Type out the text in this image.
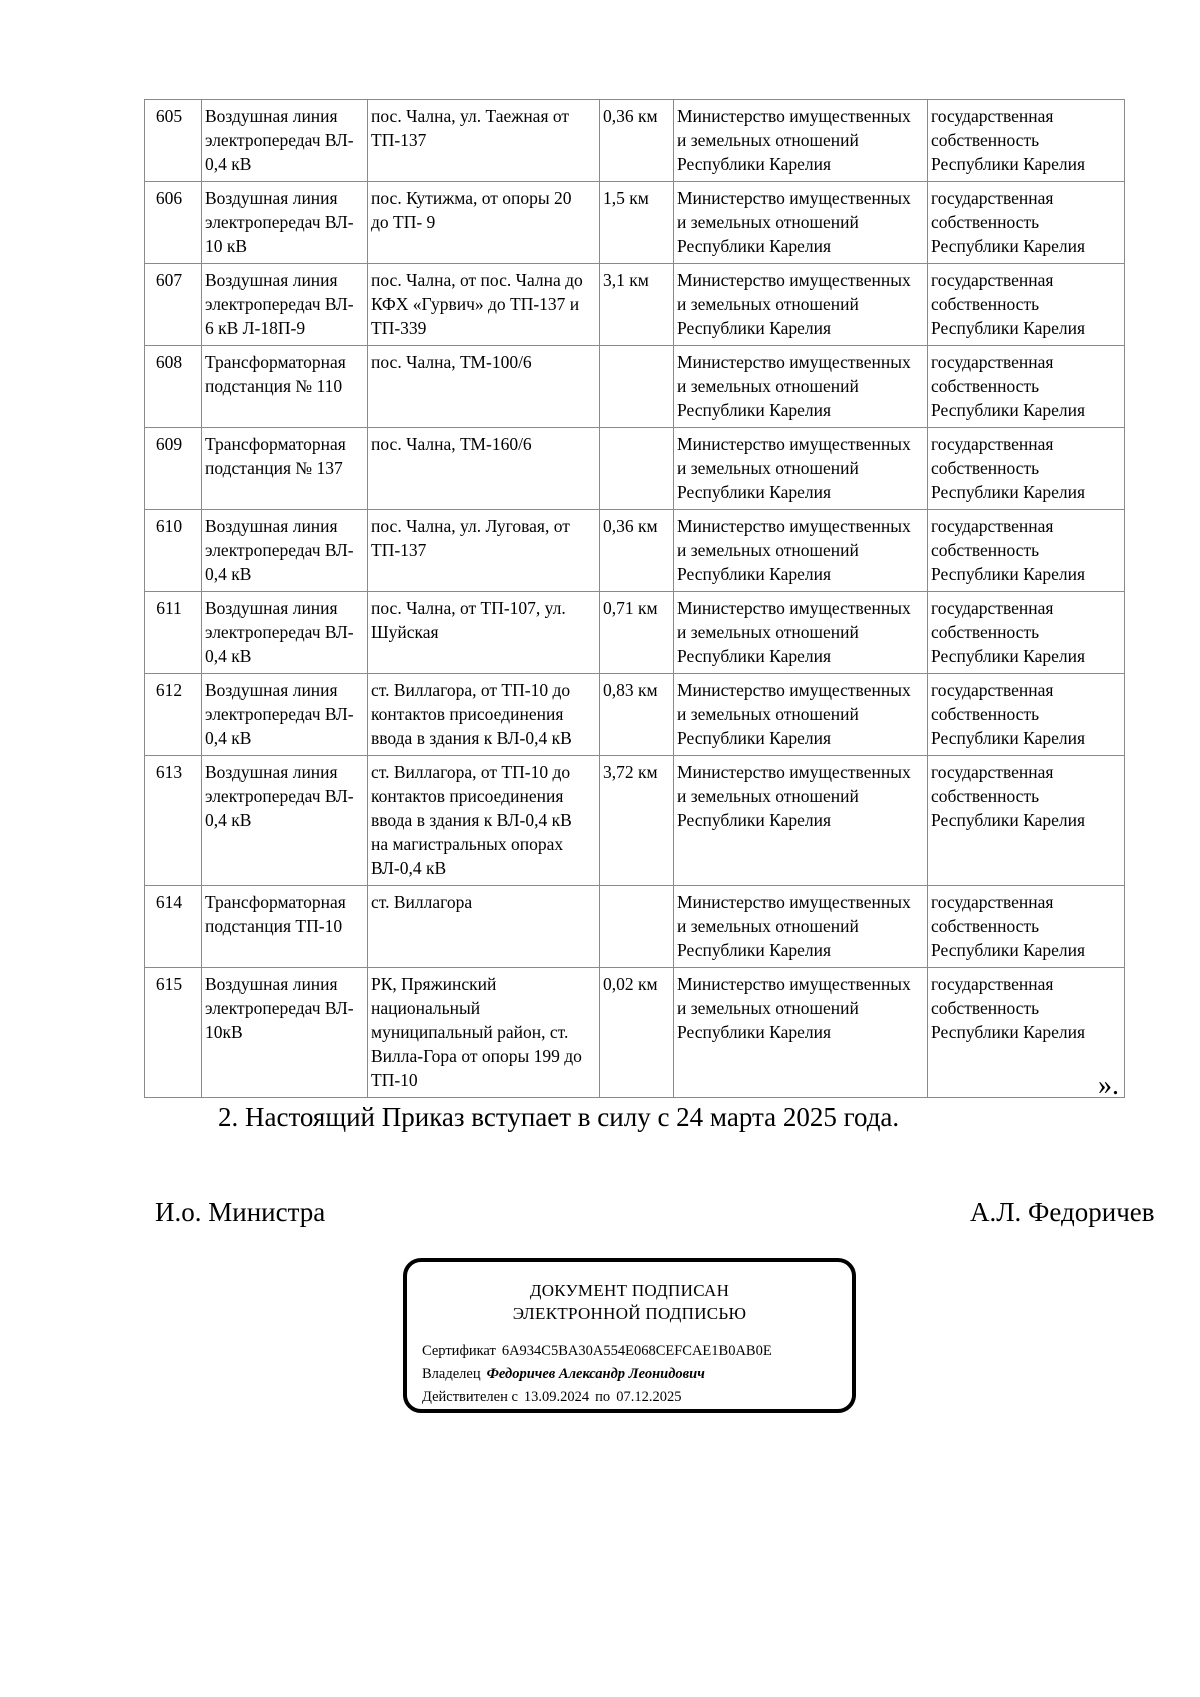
605	Воздушная линия
электропередач ВЛ-
0,4 кВ	пос. Чална, ул. Таежная от
ТП-137	0,36 км	Министерство имущественных
и земельных отношений
Республики Карелия	государственная
собственность
Республики Карелия

606	Воздушная линия
электропередач ВЛ-
10 кВ	пос. Кутижма, от опоры 20
до ТП- 9	1,5 км	Министерство имущественных
и земельных отношений
Республики Карелия	государственная
собственность
Республики Карелия

607	Воздушная линия
электропередач ВЛ-
6 кВ Л-18П-9	пос. Чална, от пос. Чална до
КФХ «Гурвич» до ТП-137 и
ТП-339	3,1 км	Министерство имущественных
и земельных отношений
Республики Карелия	государственная
собственность
Республики Карелия

608	Трансформаторная
подстанция № 110	пос. Чална, ТМ-100/6		Министерство имущественных
и земельных отношений
Республики Карелия	государственная
собственность
Республики Карелия

609	Трансформаторная
подстанция № 137	пос. Чална, ТМ-160/6		Министерство имущественных
и земельных отношений
Республики Карелия	государственная
собственность
Республики Карелия

610	Воздушная линия
электропередач ВЛ-
0,4 кВ	пос. Чална, ул. Луговая, от
ТП-137	0,36 км	Министерство имущественных
и земельных отношений
Республики Карелия	государственная
собственность
Республики Карелия

611	Воздушная линия
электропередач ВЛ-
0,4 кВ	пос. Чална, от ТП-107, ул.
Шуйская	0,71 км	Министерство имущественных
и земельных отношений
Республики Карелия	государственная
собственность
Республики Карелия

612	Воздушная линия
электропередач ВЛ-
0,4 кВ	ст. Виллагора, от ТП-10 до
контактов присоединения
ввода в здания к ВЛ-0,4 кВ	0,83 км	Министерство имущественных
и земельных отношений
Республики Карелия	государственная
собственность
Республики Карелия

613	Воздушная линия
электропередач ВЛ-
0,4 кВ	ст. Виллагора, от ТП-10 до
контактов присоединения
ввода в здания к ВЛ-0,4 кВ
на магистральных опорах
ВЛ-0,4 кВ	3,72 км	Министерство имущественных
и земельных отношений
Республики Карелия	государственная
собственность
Республики Карелия

614	Трансформаторная
подстанция ТП-10	ст. Виллагора		Министерство имущественных
и земельных отношений
Республики Карелия	государственная
собственность
Республики Карелия

615	Воздушная линия
электропередач ВЛ-
10кВ	РК, Пряжинский
национальный
муниципальный район, ст.
Вилла-Гора от опоры 199 до
ТП-10	0,02 км	Министерство имущественных
и земельных отношений
Республики Карелия	государственная
собственность
Республики Карелия
».
2. Настоящий Приказ вступает в силу с 24 марта 2025 года.
И.о. Министра	А.Л. Федоричев
ДОКУМЕНТ ПОДПИСАН
ЭЛЕКТРОННОЙ ПОДПИСЬЮ
Сертификат 6A934C5BA30A554E068CEFCAE1B0AB0E
Владелец Федоричев Александр Леонидович
Действителен с 13.09.2024 по 07.12.2025
